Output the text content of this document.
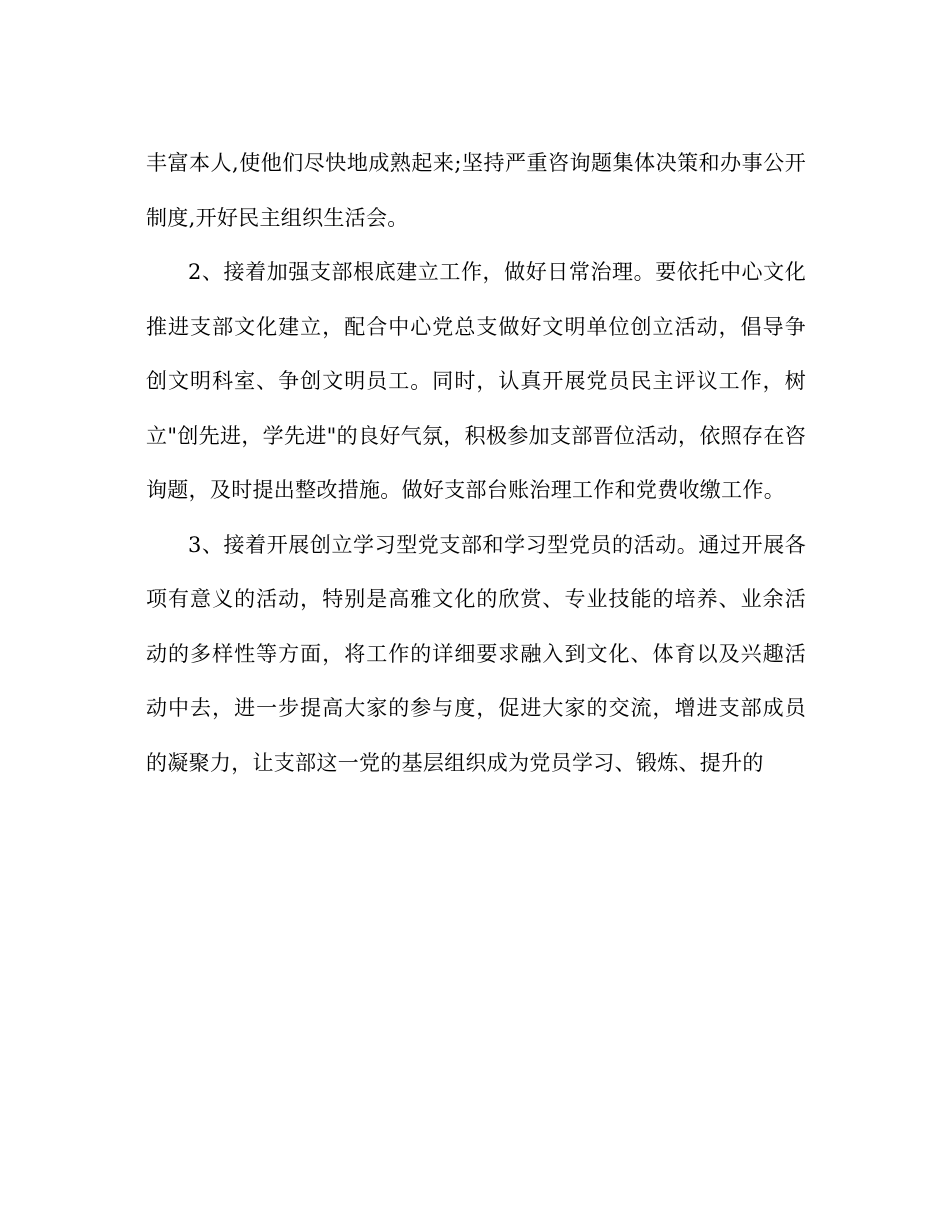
丰富本人,使他们尽快地成熟起来;坚持严重咨询题集体决策和办事公开制度,开好民主组织生活会。

2、接着加强支部根底建立工作，做好日常治理。要依托中心文化推进支部文化建立，配合中心党总支做好文明单位创立活动，倡导争创文明科室、争创文明员工。同时，认真开展党员民主评议工作，树立"创先进，学先进"的良好气氛，积极参加支部晋位活动，依照存在咨询题，及时提出整改措施。做好支部台账治理工作和党费收缴工作。

3、接着开展创立学习型党支部和学习型党员的活动。通过开展各项有意义的活动，特别是高雅文化的欣赏、专业技能的培养、业余活动的多样性等方面，将工作的详细要求融入到文化、体育以及兴趣活动中去，进一步提高大家的参与度，促进大家的交流，增进支部成员的凝聚力，让支部这一党的基层组织成为党员学习、锻炼、提升的
